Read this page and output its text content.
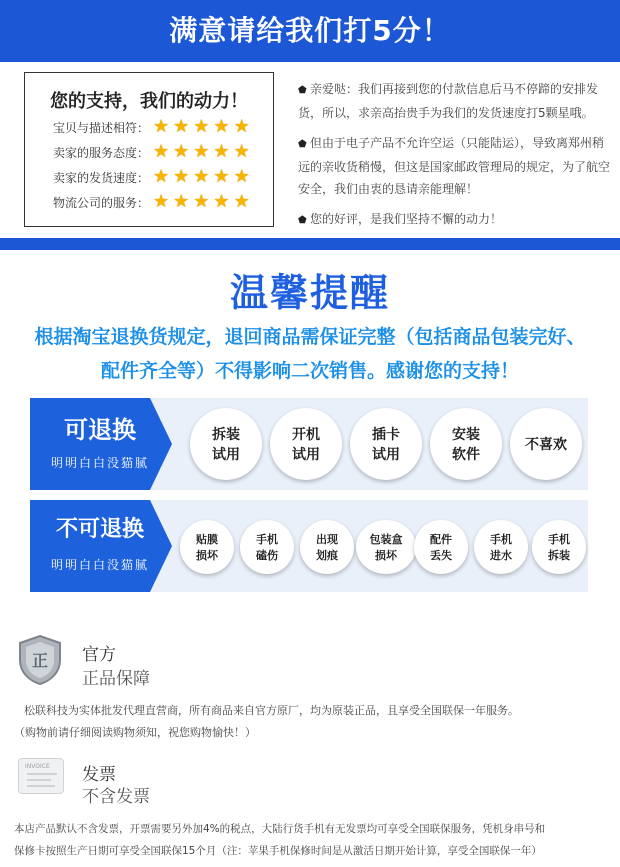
满意请给我们打5分！
您的支持，我们的动力！
宝贝与描述相符： ★ ★ ★ ★ ★
卖家的服务态度： ★ ★ ★ ★ ★
卖家的发货速度： ★ ★ ★ ★ ★
物流公司的服务： ★ ★ ★ ★ ★
⬟ 亲爱哒：我们再接到您的付款信息后马不停蹄的安排发货，所以，求亲高抬贵手为我们的发货速度打5颗星哦。
⬟ 但由于电子产品不允许空运（只能陆运），导致离郑州稍远的亲收货稍慢，但这是国家邮政管理局的规定，为了航空安全，我们由衷的恳请亲能理解！
⬟ 您的好评，是我们坚持不懈的动力！
温馨提醒
根据淘宝退换货规定，退回商品需保证完整（包括商品包装完好、
配件齐全等）不得影响二次销售。感谢您的支持！
可退换
明明白白没猫腻
拆装
试用
开机
试用
插卡
试用
安装
软件
不喜欢
不可退换
明明白白没猫腻
贴膜
损坏
手机
磕伤
出现
划痕
包装盒
损坏
配件
丢失
手机
进水
手机
拆装
正	官方
正品保障
松联科技为实体批发代理直营商，所有商品来自官方原厂，均为原装正品，且享受全国联保一年服务。
（购物前请仔细阅读购物须知，祝您购物愉快！）
INVOICE 发票
不含发票
本店产品默认不含发票，开票需要另外加4%的税点，大陆行货手机有无发票均可享受全国联保服务，凭机身串号和
保修卡按照生产日期可享受全国联保15个月（注：苹果手机保修时间是从激活日期开始计算，享受全国联保一年）
